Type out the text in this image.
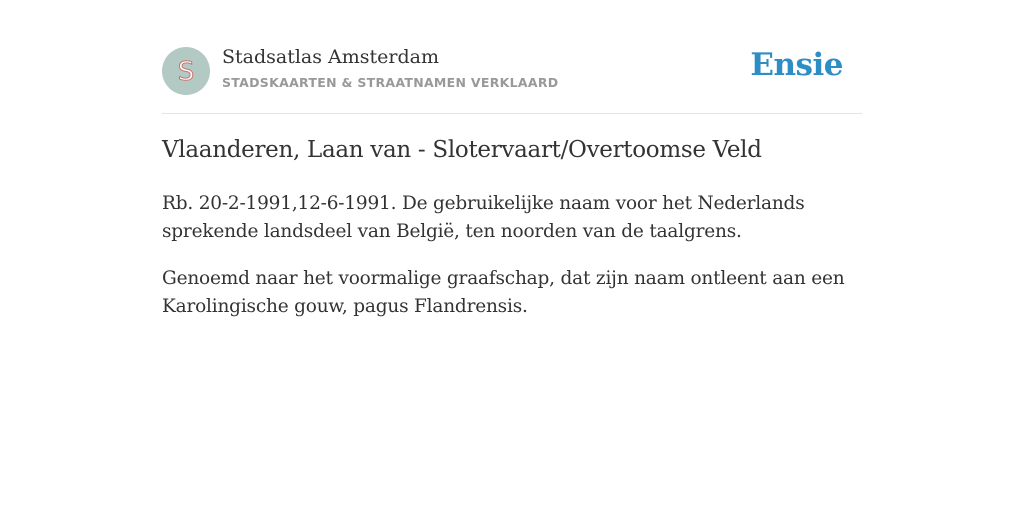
S Stadsatlas Amsterdam
STADSKAARTEN & STRAATNAMEN VERKLAARD	Ensie
Vlaanderen, Laan van - Slotervaart/Overtoomse Veld

Rb. 20-2-1991,12-6-1991. De gebruikelijke naam voor het Nederlands sprekende landsdeel van België, ten noorden van de taalgrens.

Genoemd naar het voormalige graafschap, dat zijn naam ontleent aan een Karolingische gouw, pagus Flandrensis.
